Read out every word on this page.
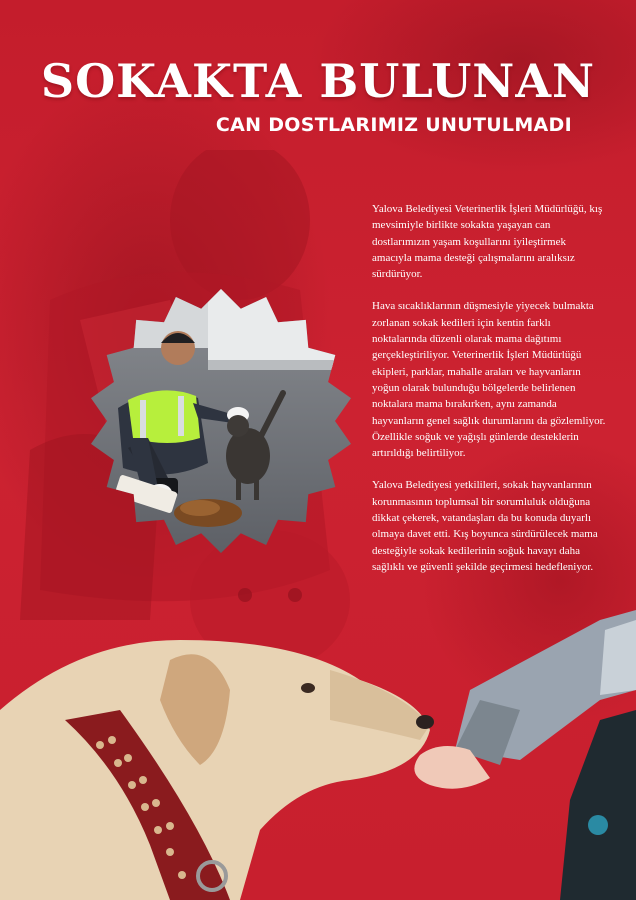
SOKAKTA BULUNAN
CAN DOSTLARIMIZ UNUTULMADI

Yalova Belediyesi Veterinerlik İşleri Müdürlüğü, kış mevsimiyle birlikte sokakta yaşayan can dostlarımızın yaşam koşullarını iyileştirmek amacıyla mama desteği çalışmalarını aralıksız sürdürüyor.

Hava sıcaklıklarının düşmesiyle yiyecek bulmakta zorlanan sokak kedileri için kentin farklı noktalarında düzenli olarak mama dağıtımı gerçekleştiriliyor. Veterinerlik İşleri Müdürlüğü ekipleri, parklar, mahalle araları ve hayvanların yoğun olarak bulunduğu bölgelerde belirlenen noktalara mama bırakırken, aynı zamanda hayvanların genel sağlık durumlarını da gözlemliyor. Özellikle soğuk ve yağışlı günlerde desteklerin artırıldığı belirtiliyor.

Yalova Belediyesi yetkilileri, sokak hayvanlarının korunmasının toplumsal bir sorumluluk olduğuna dikkat çekerek, vatandaşları da bu konuda duyarlı olmaya davet etti. Kış boyunca sürdürülecek mama desteğiyle sokak kedilerinin soğuk havayı daha sağlıklı ve güvenli şekilde geçirmesi hedefleniyor.
